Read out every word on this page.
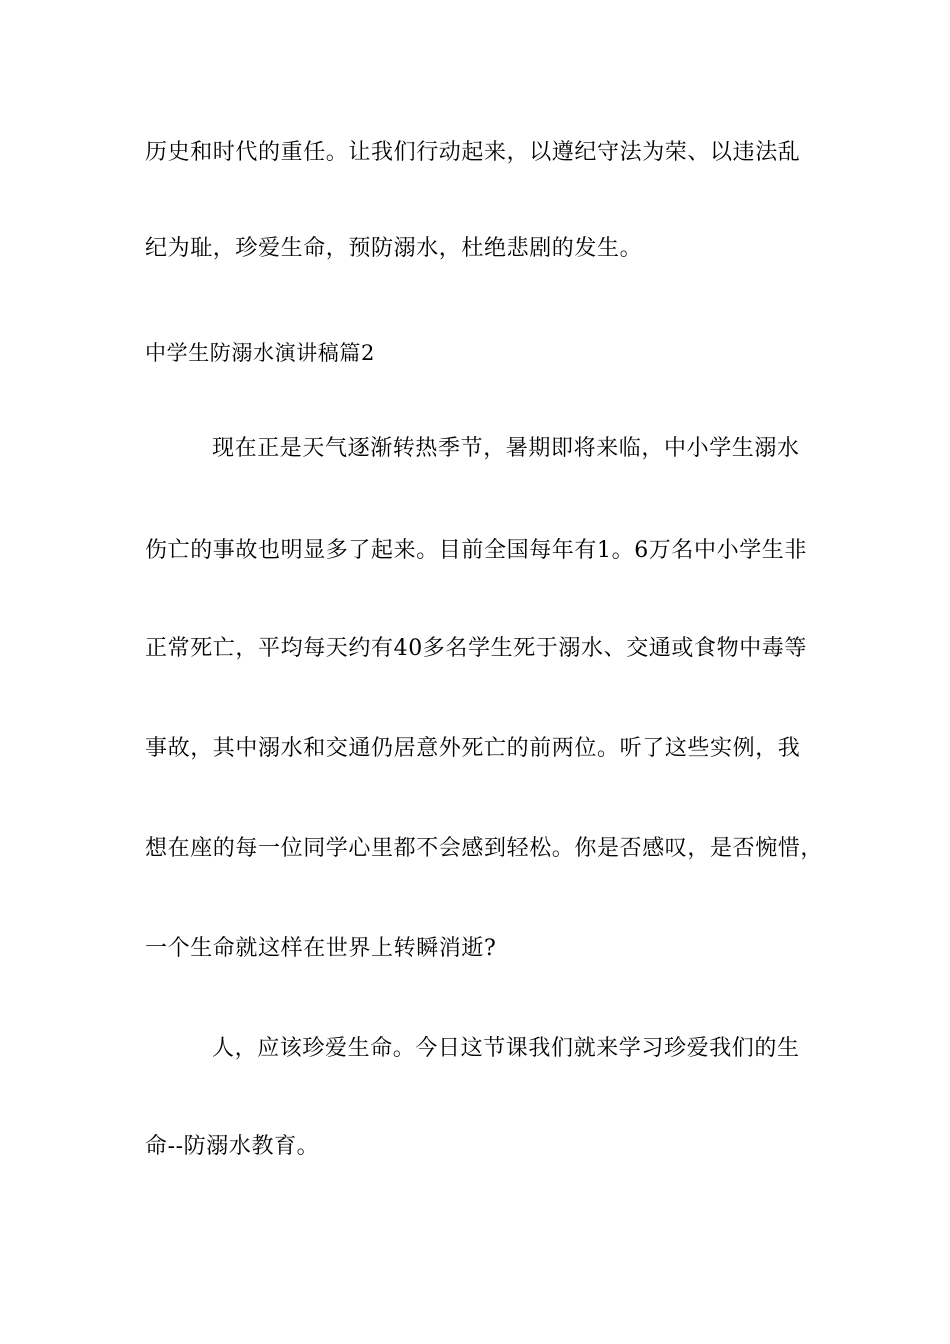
历史和时代的重任。让我们行动起来，以遵纪守法为荣、以违法乱
纪为耻，珍爱生命，预防溺水，杜绝悲剧的发生。
中学生防溺水演讲稿篇2
现在正是天气逐渐转热季节，暑期即将来临，中小学生溺水
伤亡的事故也明显多了起来。目前全国每年有1。6万名中小学生非
正常死亡，平均每天约有40多名学生死于溺水、交通或食物中毒等
事故，其中溺水和交通仍居意外死亡的前两位。听了这些实例，我
想在座的每一位同学心里都不会感到轻松。你是否感叹，是否惋惜，
一个生命就这样在世界上转瞬消逝?
人，应该珍爱生命。今日这节课我们就来学习珍爱我们的生
命--防溺水教育。
